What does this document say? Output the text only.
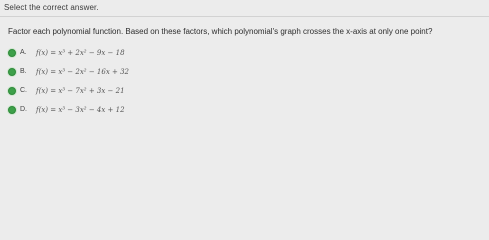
Select the correct answer.
Factor each polynomial function. Based on these factors, which polynomial's graph crosses the x-axis at only one point?
A.	f(x) = x³ + 2x² − 9x − 18
B.	f(x) = x³ − 2x² − 16x + 32
C.	f(x) = x³ − 7x² + 3x − 21
D.	f(x) = x³ − 3x² − 4x + 12
